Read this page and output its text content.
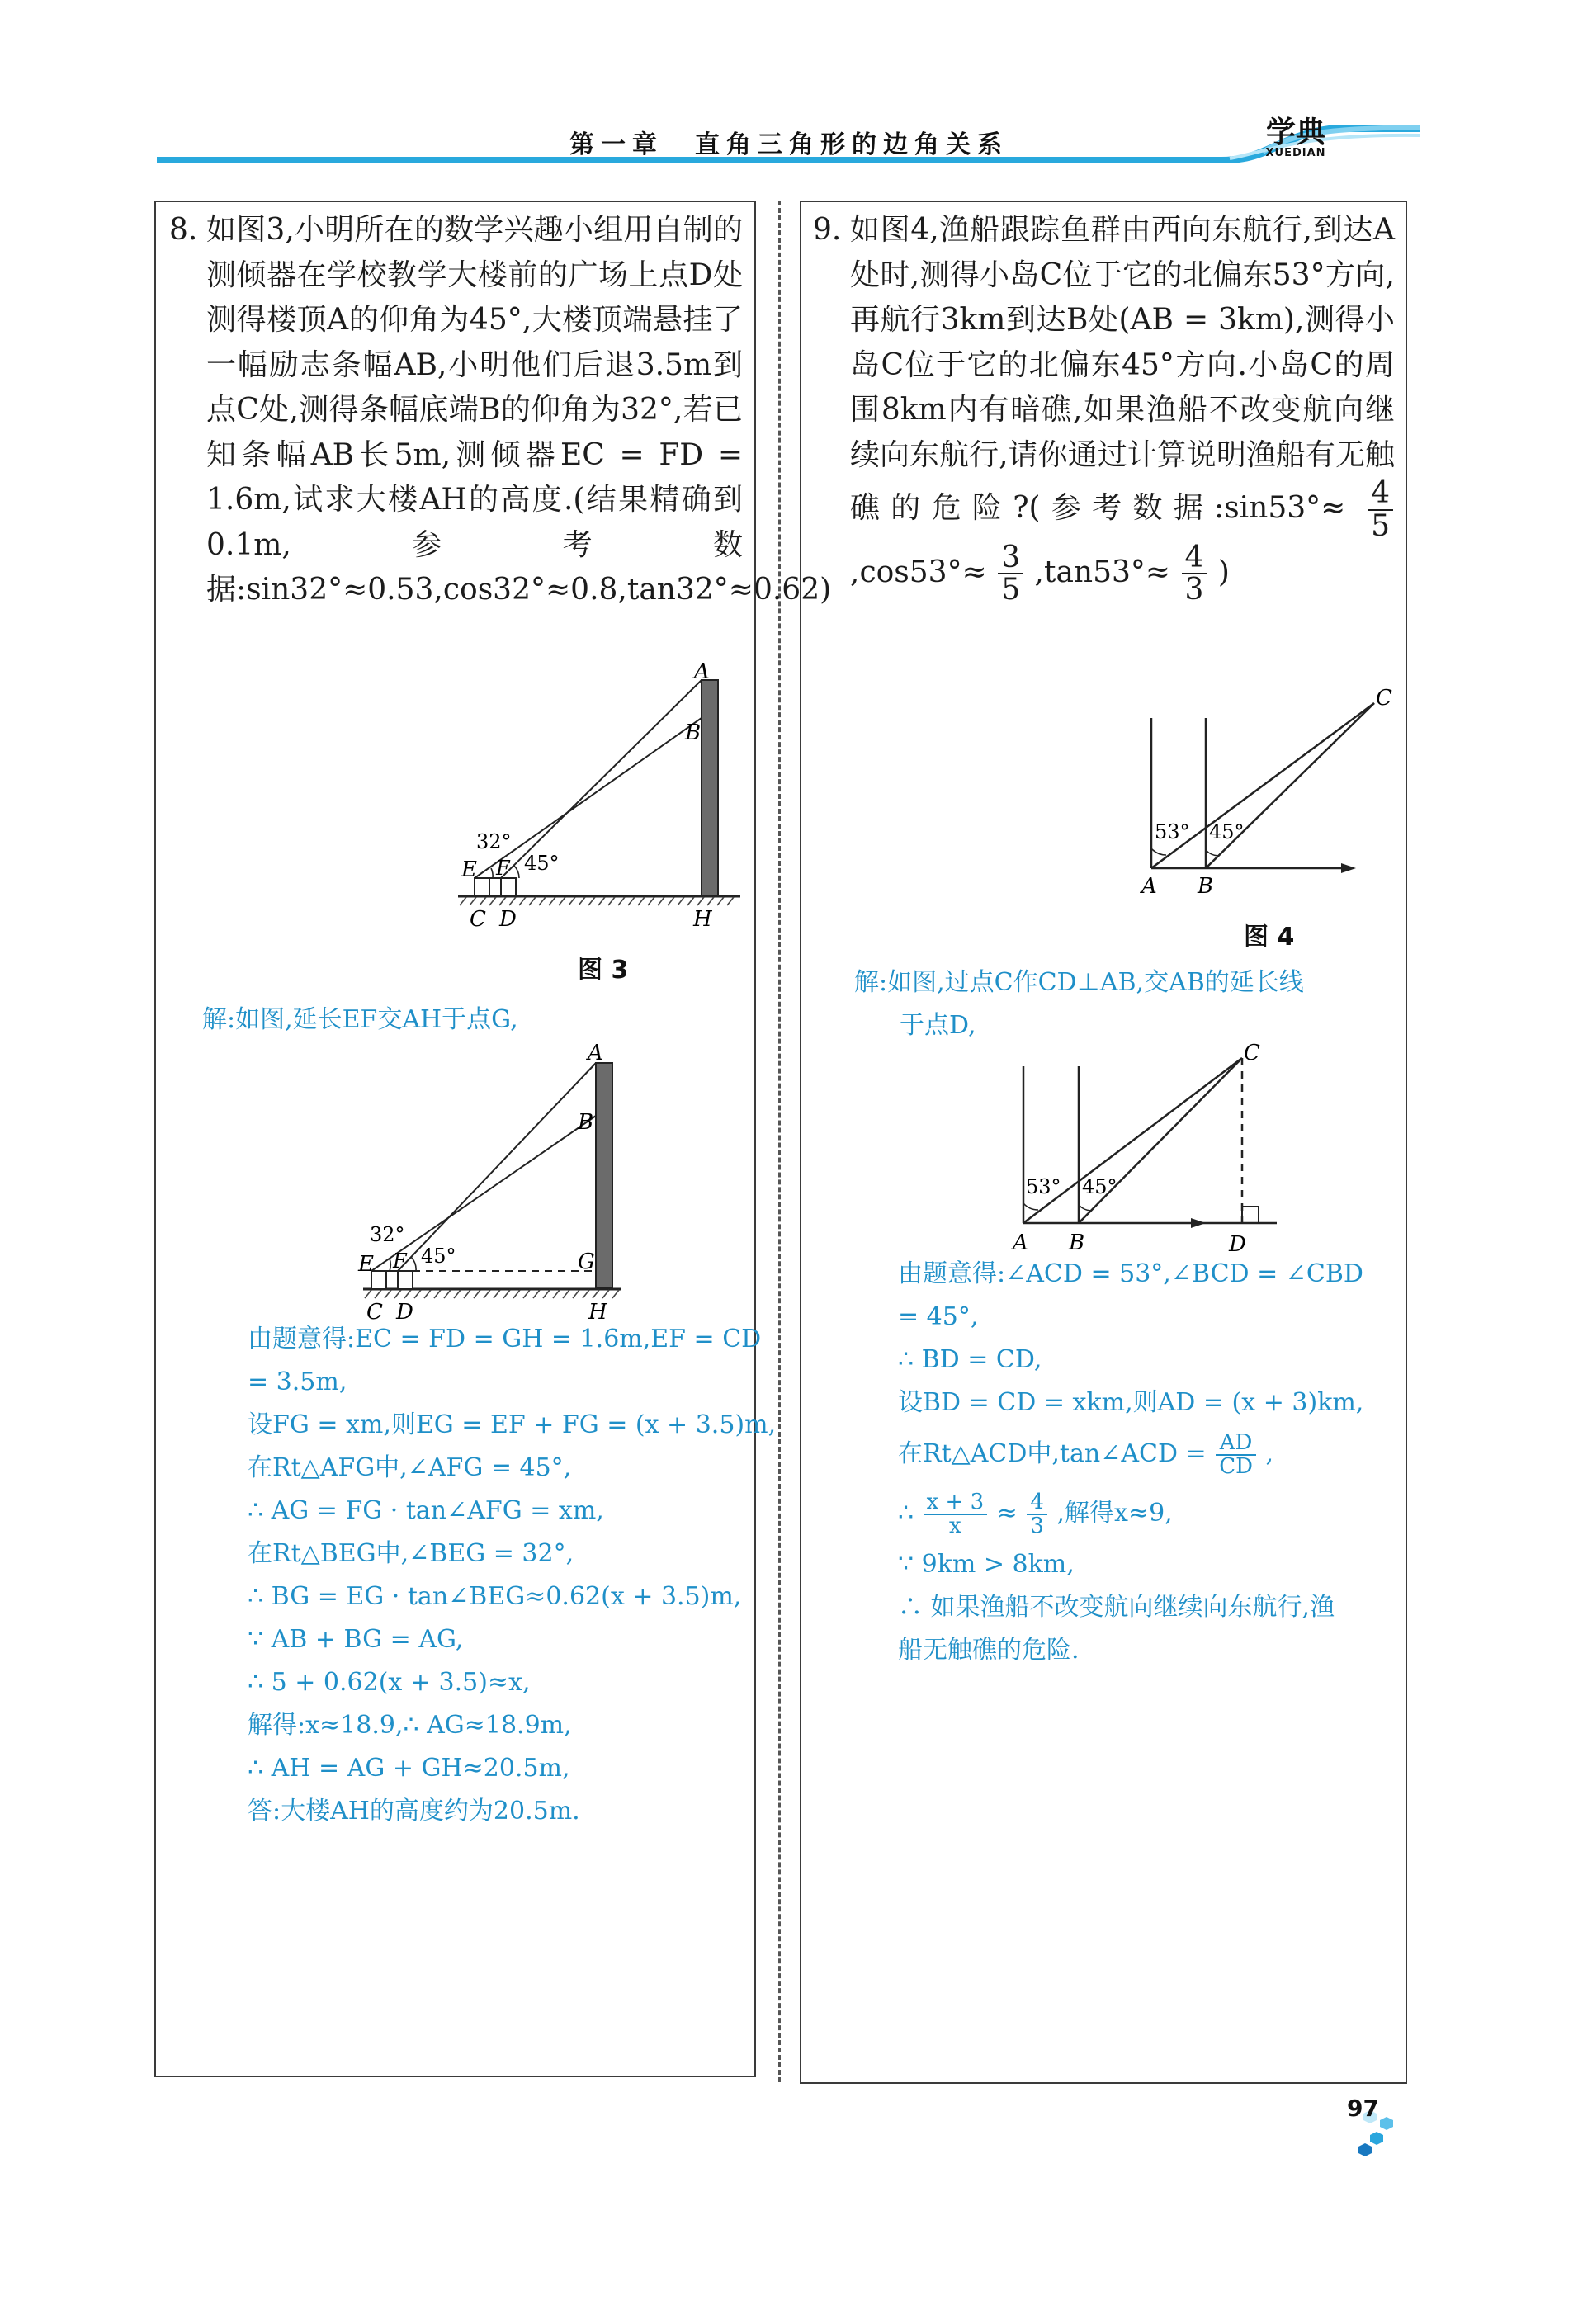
第一章　直角三角形的边角关系	学典
XUEDIAN
8. 如图3,小明所在的数学兴趣小组用自制的测倾器在学校教学大楼前的广场上点D处测得楼顶A的仰角为45°,大楼顶端悬挂了一幅励志条幅AB,小明他们后退3.5m到点C处,测得条幅底端B的仰角为32°,若已知条幅AB长5m,测倾器EC = FD = 1.6m,试求大楼AH的高度.(结果精确到0.1m,参考数据:sin32°≈0.53,cos32°≈0.8,tan32°≈0.62)
A
B
E F
C D	H
32°
45°
图 3
解:如图,延长EF交AH于点G,
A
B
G
E F
C D	H
32°
45°
由题意得:EC = FD = GH = 1.6m,EF = CD
= 3.5m,
设FG = xm,则EG = EF + FG = (x + 3.5)m,
在Rt△AFG中,∠AFG = 45°,
∴ AG = FG · tan∠AFG = xm,
在Rt△BEG中,∠BEG = 32°,
∴ BG = EG · tan∠BEG≈0.62(x + 3.5)m,
∵ AB + BG = AG,
∴ 5 + 0.62(x + 3.5)≈x,
解得:x≈18.9,∴ AG≈18.9m,
∴ AH = AG + GH≈20.5m,
答:大楼AH的高度约为20.5m.
9. 如图4,渔船跟踪鱼群由西向东航行,到达A处时,测得小岛C位于它的北偏东53°方向,再航行3km到达B处(AB = 3km),测得小岛C位于它的北偏东45°方向.小岛C的周围8km内有暗礁,如果渔船不改变航向继续向东航行,请你通过计算说明渔船有无触礁的危险?(参考数据:sin53°≈ $\frac{4}{5}$
$,\cos 53^\circ\approx \frac{3}{5} ,\tan 53^\circ\approx \frac{4}{3}$ )
53° 45°
A B
C
图 4
解:如图,过点C作CD⊥AB,交AB的延长线
于点D,
53° 45°
A B
C
D
由题意得:∠ACD = 53°,∠BCD = ∠CBD
= 45°,
∴ BD = CD,
设BD = CD = xkm,则AD = (x + 3)km,
在Rt△ACD中,tan∠ACD = $\frac{AD}{CD}$ ,
∴ $\frac{x + 3}{x} \approx \frac{4}{3}$ ,解得x≈9,
∵ 9km > 8km,
∴ 如果渔船不改变航向继续向东航行,渔
船无触礁的危险.
97
